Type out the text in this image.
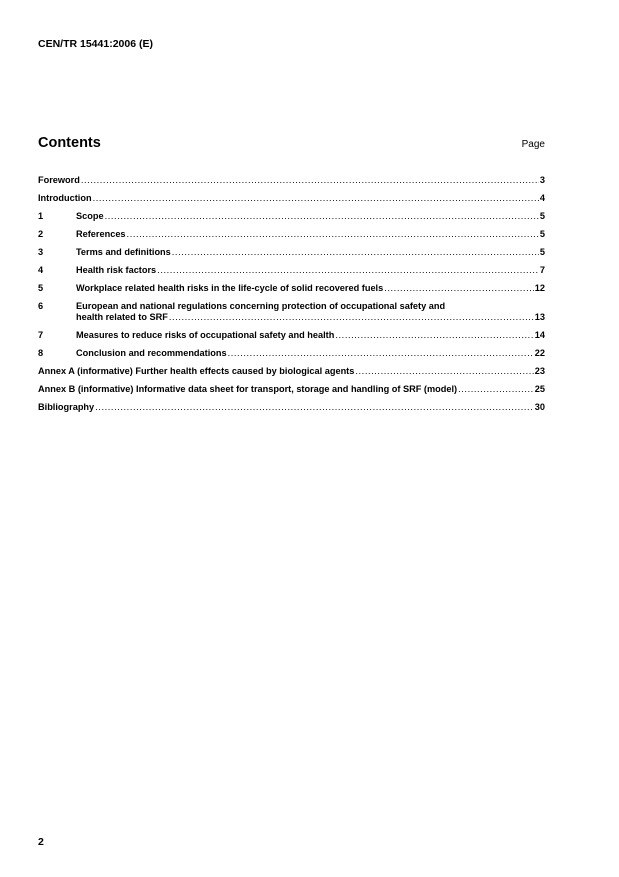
CEN/TR 15441:2006 (E)
Contents	Page
Foreword .....	3
Introduction .....	4
1	Scope .....	5
2	References .....	5
3	Terms and definitions .....	5
4	Health risk factors .....	7
5	Workplace related health risks in the life-cycle of solid recovered fuels .....	12
6	European and national regulations concerning protection of occupational safety and
health related to SRF .....	13
7	Measures to reduce risks of occupational safety and health .....	14
8	Conclusion and recommendations .....	22
Annex A (informative) Further health effects caused by biological agents .....	23
Annex B (informative) Informative data sheet for transport, storage and handling of SRF (model) .....	25
Bibliography .....	30
2
